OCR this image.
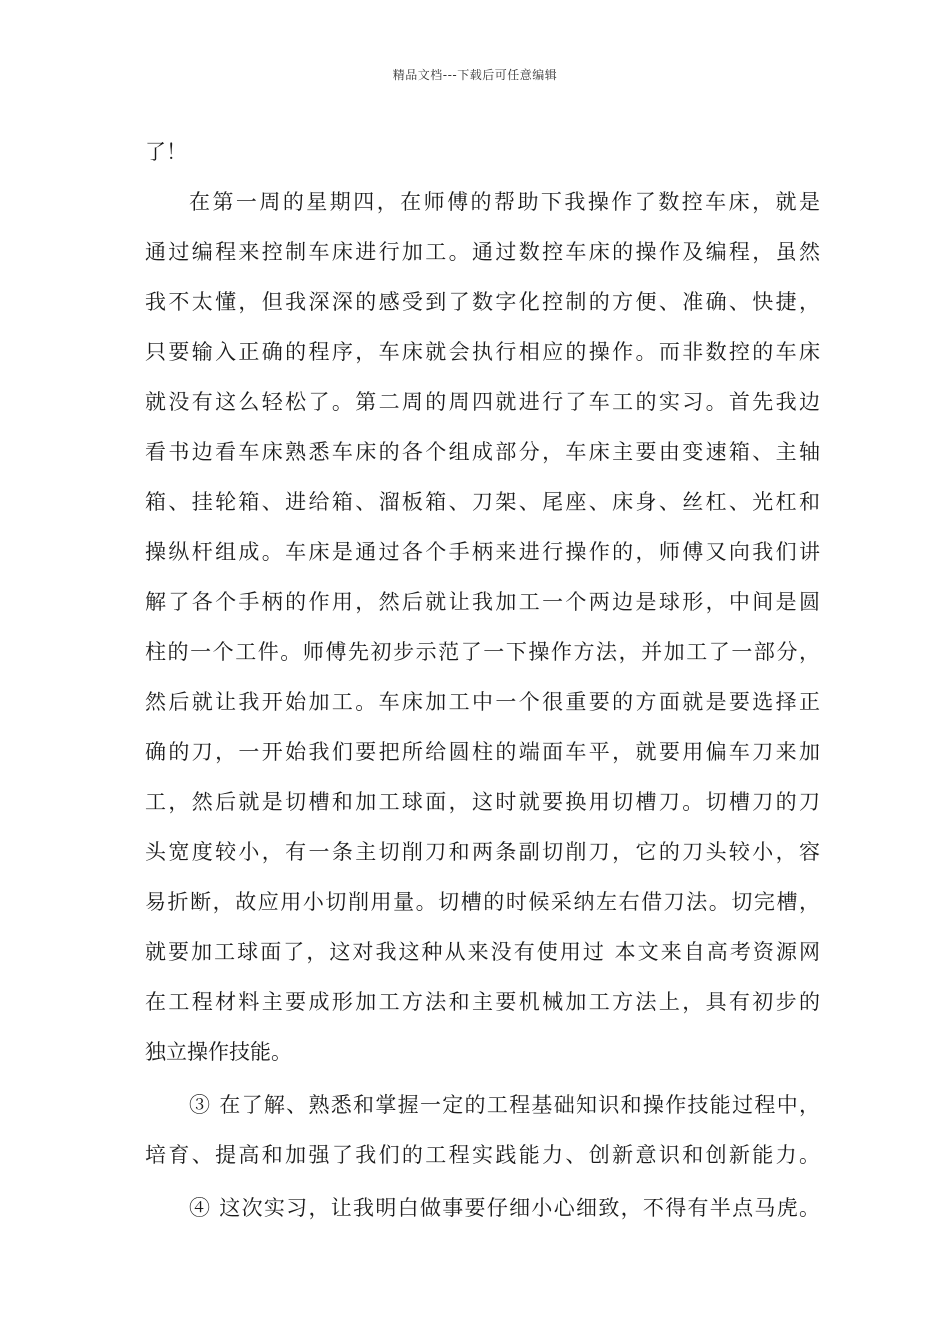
精品文档---下载后可任意编辑
了！
在第一周的星期四，在师傅的帮助下我操作了数控车床，就是
通过编程来控制车床进行加工。通过数控车床的操作及编程，虽然
我不太懂，但我深深的感受到了数字化控制的方便、准确、快捷，
只要输入正确的程序，车床就会执行相应的操作。而非数控的车床
就没有这么轻松了。第二周的周四就进行了车工的实习。首先我边
看书边看车床熟悉车床的各个组成部分，车床主要由变速箱、主轴
箱、挂轮箱、进给箱、溜板箱、刀架、尾座、床身、丝杠、光杠和
操纵杆组成。车床是通过各个手柄来进行操作的，师傅又向我们讲
解了各个手柄的作用，然后就让我加工一个两边是球形，中间是圆
柱的一个工件。师傅先初步示范了一下操作方法，并加工了一部分，
然后就让我开始加工。车床加工中一个很重要的方面就是要选择正
确的刀，一开始我们要把所给圆柱的端面车平，就要用偏车刀来加
工，然后就是切槽和加工球面，这时就要换用切槽刀。切槽刀的刀
头宽度较小，有一条主切削刀和两条副切削刀，它的刀头较小，容
易折断，故应用小切削用量。切槽的时候采纳左右借刀法。切完槽，
就要加工球面了，这对我这种从来没有使用过 本文来自高考资源网
在工程材料主要成形加工方法和主要机械加工方法上，具有初步的
独立操作技能。
③ 在了解、熟悉和掌握一定的工程基础知识和操作技能过程中，
培育、提高和加强了我们的工程实践能力、创新意识和创新能力。
④ 这次实习，让我明白做事要仔细小心细致，不得有半点马虎。
